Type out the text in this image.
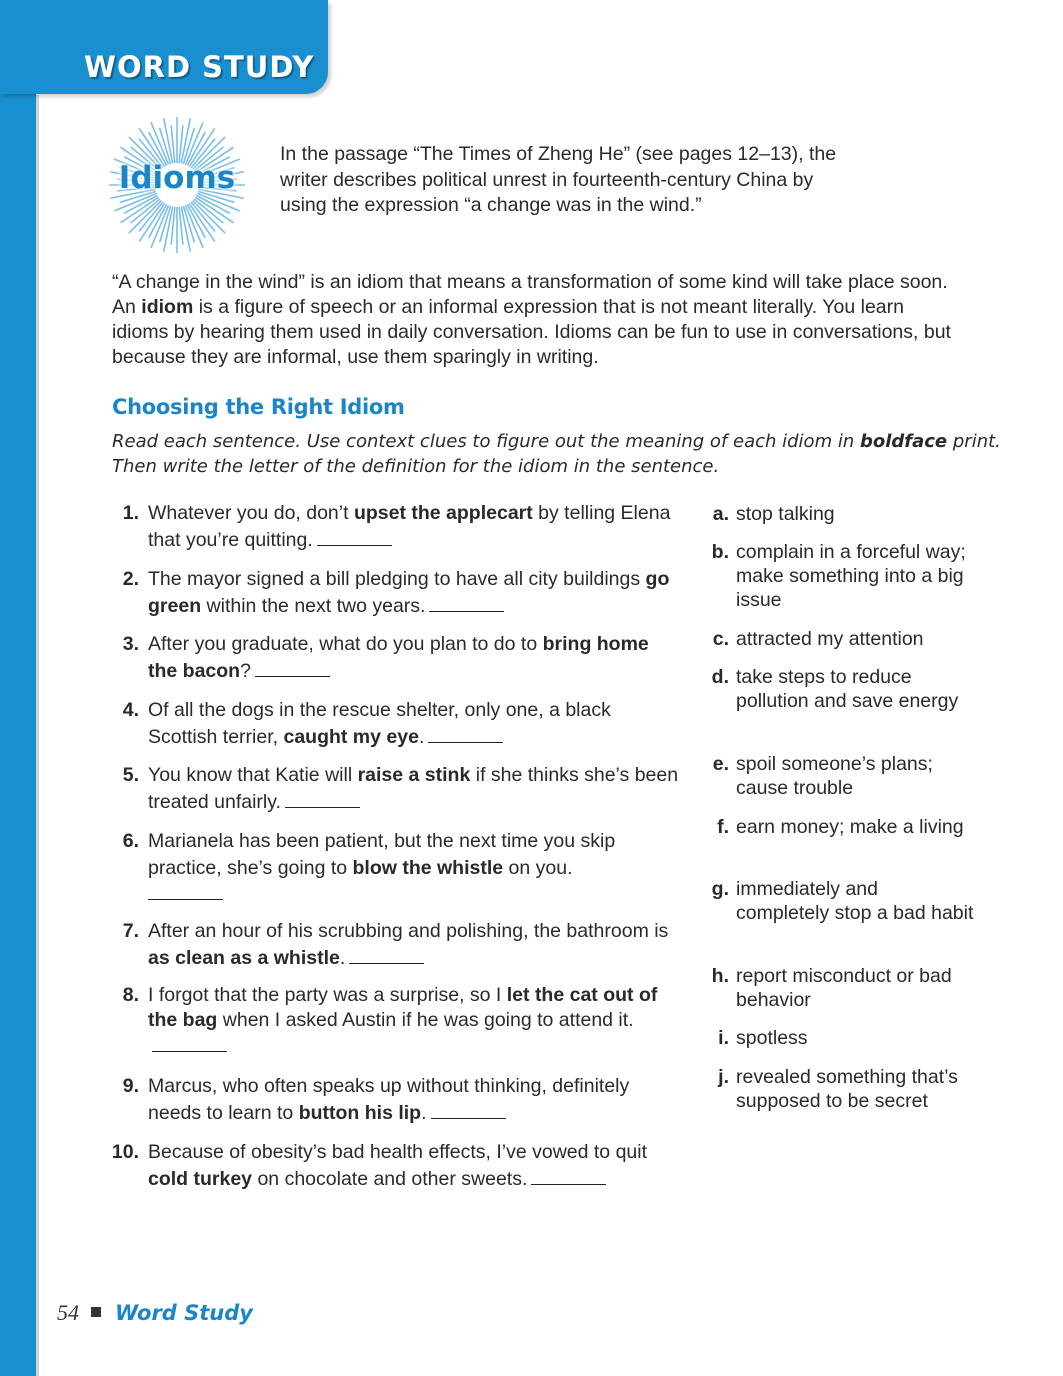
WORD STUDY
Idioms
In the passage “The Times of Zheng He” (see pages 12–13), the
writer describes political unrest in fourteenth-century China by
using the expression “a change was in the wind.”
“A change in the wind” is an idiom that means a transformation of some kind will take place soon. An idiom is a figure of speech or an informal expression that is not meant literally. You learn idioms by hearing them used in daily conversation. Idioms can be fun to use in conversations, but because they are informal, use them sparingly in writing.
Choosing the Right Idiom
Read each sentence. Use context clues to figure out the meaning of each idiom in boldface print. Then write the letter of the definition for the idiom in the sentence.
1. Whatever you do, don’t upset the applecart by telling Elena that you’re quitting.
2. The mayor signed a bill pledging to have all city buildings go green within the next two years.
3. After you graduate, what do you plan to do to bring home the bacon?
4. Of all the dogs in the rescue shelter, only one, a black Scottish terrier, caught my eye.
5. You know that Katie will raise a stink if she thinks she’s been treated unfairly.
6. Marianela has been patient, but the next time you skip practice, she’s going to blow the whistle on you.

7. After an hour of his scrubbing and polishing, the bathroom is as clean as a whistle.
8. I forgot that the party was a surprise, so I let the cat out of the bag when I asked Austin if he was going to attend it.
9. Marcus, who often speaks up without thinking, definitely needs to learn to button his lip.
10. Because of obesity’s bad health effects, I’ve vowed to quit cold turkey on chocolate and other sweets.
a. stop talking
b. complain in a forceful way; make something into a big issue
c. attracted my attention
d. take steps to reduce pollution and save energy
e. spoil someone’s plans; cause trouble
f. earn money; make a living
g. immediately and completely stop a bad habit
h. report misconduct or bad behavior
i. spotless
j. revealed something that’s supposed to be secret
54 Word Study
